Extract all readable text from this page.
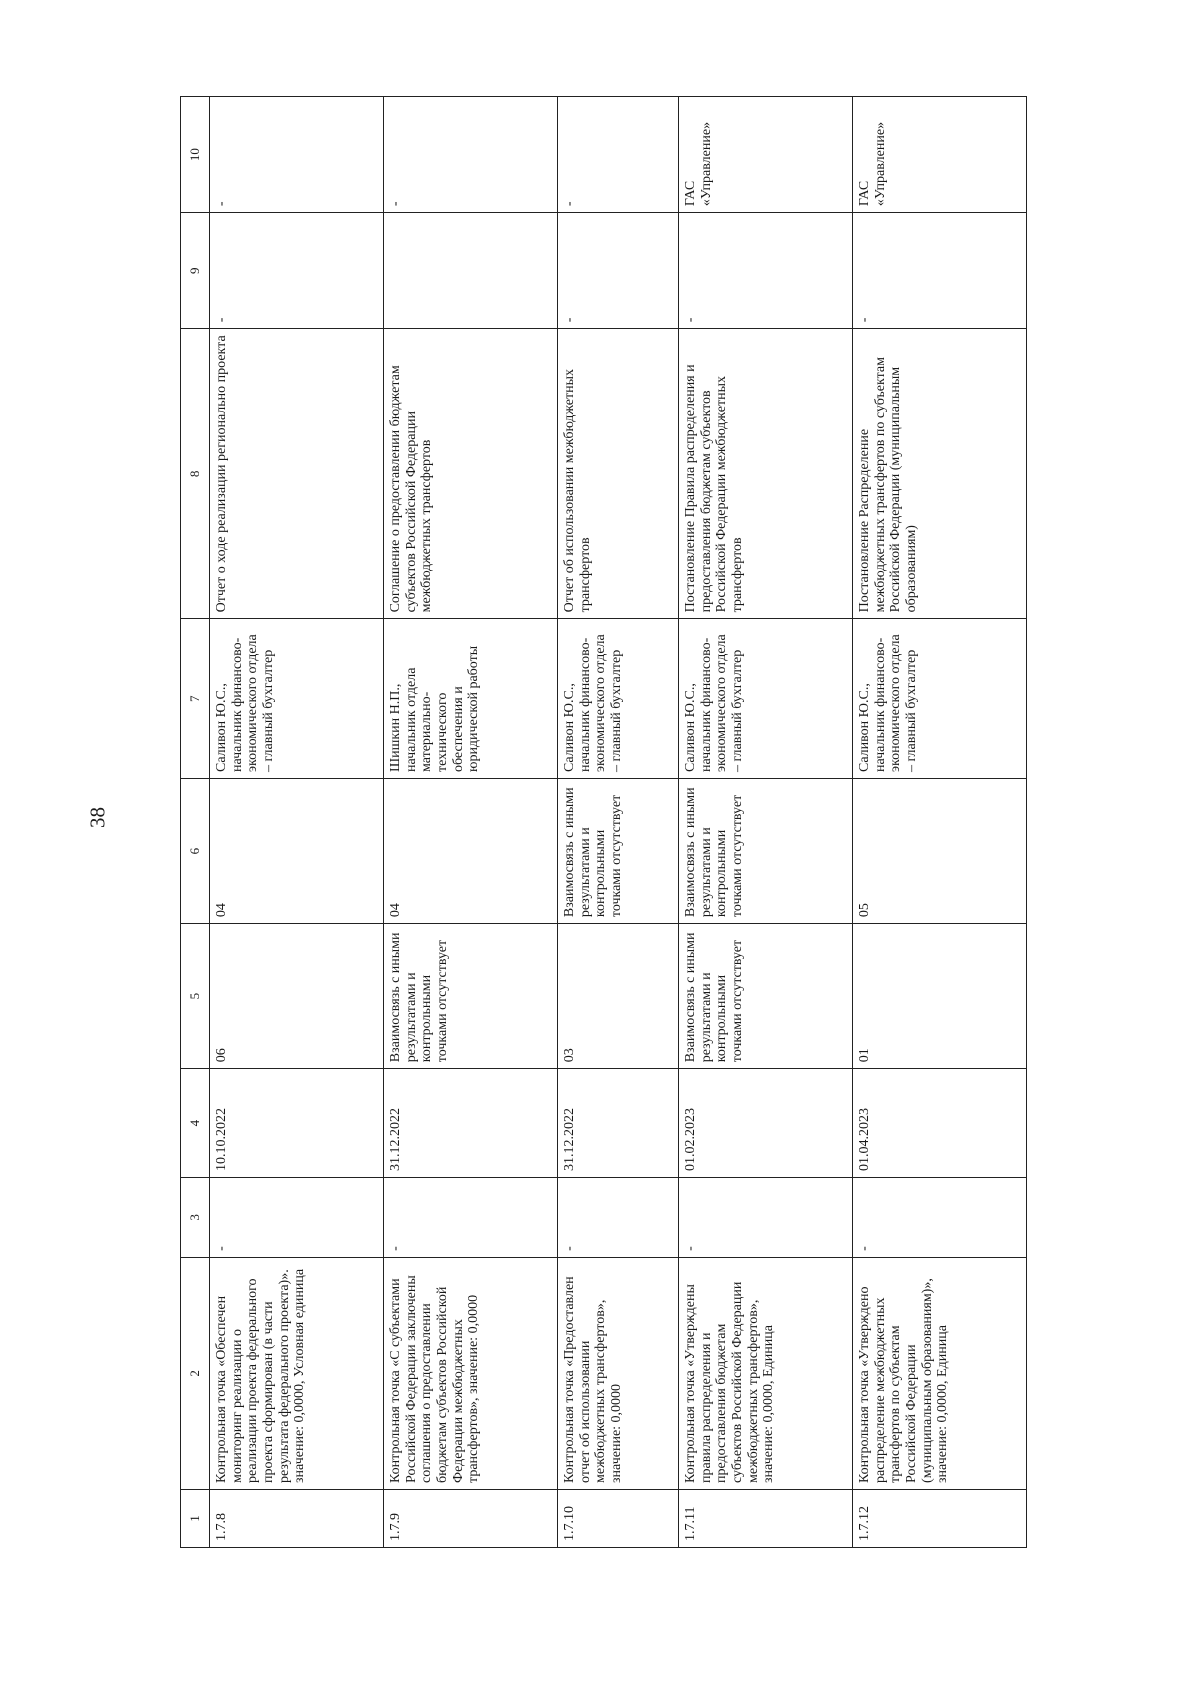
38
1	2	3	4	5	6	7	8	9	10
1.7.8	Контрольная точка «Обеспечен мониторинг реализации о реализации проекта федерального проекта сформирован (в части результата федерального проекта)». значение: 0,0000, Условная единица	-	10.10.2022	06	04	Саливон Ю.С., начальник финансово-экономического отдела – главный бухгалтер	Отчет о ходе реализации регионально проекта	-	-
1.7.9	Контрольная точка «С субъектами Российской Федерации заключены соглашения о предоставлении бюджетам субъектов Российской Федерации межбюджетных трансфертов», значение: 0,0000	-	31.12.2022	Взаимосвязь с иными результатами и контрольными точками отсутствует	04	Шишкин Н.П., начальник отдела материально-технического обеспечения и юридической работы	Соглашение о предоставлении бюджетам субъектов Российской Федерации межбюджетных трансфертов		-
1.7.10	Контрольная точка «Предоставлен отчет об использовании межбюджетных трансфертов», значение: 0,0000	-	31.12.2022	03	Взаимосвязь с иными результатами и контрольными точками отсутствует	Саливон Ю.С., начальник финансово-экономического отдела – главный бухгалтер	Отчет об использовании межбюджетных трансфертов	-	-
1.7.11	Контрольная точка «Утверждены правила распределения и предоставления бюджетам субъектов Российской Федерации межбюджетных трансфертов», значение: 0,0000, Единица	-	01.02.2023	Взаимосвязь с иными результатами и контрольными точками отсутствует	Взаимосвязь с иными результатами и контрольными точками отсутствует	Саливон Ю.С., начальник финансово-экономического отдела – главный бухгалтер	Постановление Правила распределения и предоставления бюджетам субъектов Российской Федерации межбюджетных трансфертов	-	ГАС «Управление»
1.7.12	Контрольная точка «Утверждено распределение межбюджетных трансфертов по субъектам Российской Федерации (муниципальным образованиям)», значение: 0,0000, Единица	-	01.04.2023	01	05	Саливон Ю.С., начальник финансово-экономического отдела – главный бухгалтер	Постановление Распределение межбюджетных трансфертов по субъектам Российской Федерации (муниципальным образованиям)	-	ГАС «Управление»
